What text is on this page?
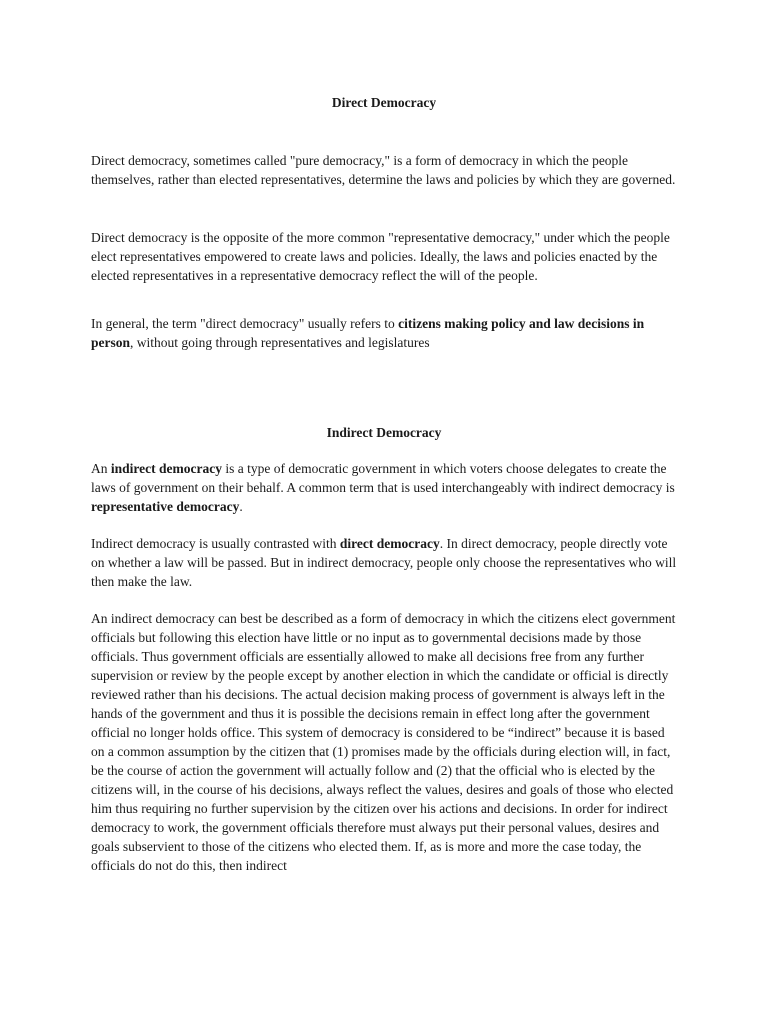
Direct Democracy

Direct democracy, sometimes called "pure democracy," is a form of democracy in which the people themselves, rather than elected representatives, determine the laws and policies by which they are governed.

Direct democracy is the opposite of the more common "representative democracy," under which the people elect representatives empowered to create laws and policies. Ideally, the laws and policies enacted by the elected representatives in a representative democracy reflect the will of the people.

In general, the term "direct democracy" usually refers to citizens making policy and law decisions in person, without going through representatives and legislatures

Indirect Democracy

An indirect democracy is a type of democratic government in which voters choose delegates to create the laws of government on their behalf. A common term that is used interchangeably with indirect democracy is representative democracy.

Indirect democracy is usually contrasted with direct democracy. In direct democracy, people directly vote on whether a law will be passed. But in indirect democracy, people only choose the representatives who will then make the law.

An indirect democracy can best be described as a form of democracy in which the citizens elect government officials but following this election have little or no input as to governmental decisions made by those officials. Thus government officials are essentially allowed to make all decisions free from any further supervision or review by the people except by another election in which the candidate or official is directly reviewed rather than his decisions. The actual decision making process of government is always left in the hands of the government and thus it is possible the decisions remain in effect long after the government official no longer holds office. This system of democracy is considered to be “indirect” because it is based on a common assumption by the citizen that (1) promises made by the officials during election will, in fact, be the course of action the government will actually follow and (2) that the official who is elected by the citizens will, in the course of his decisions, always reflect the values, desires and goals of those who elected him thus requiring no further supervision by the citizen over his actions and decisions. In order for indirect democracy to work, the government officials therefore must always put their personal values, desires and goals subservient to those of the citizens who elected them. If, as is more and more the case today, the officials do not do this, then indirect
